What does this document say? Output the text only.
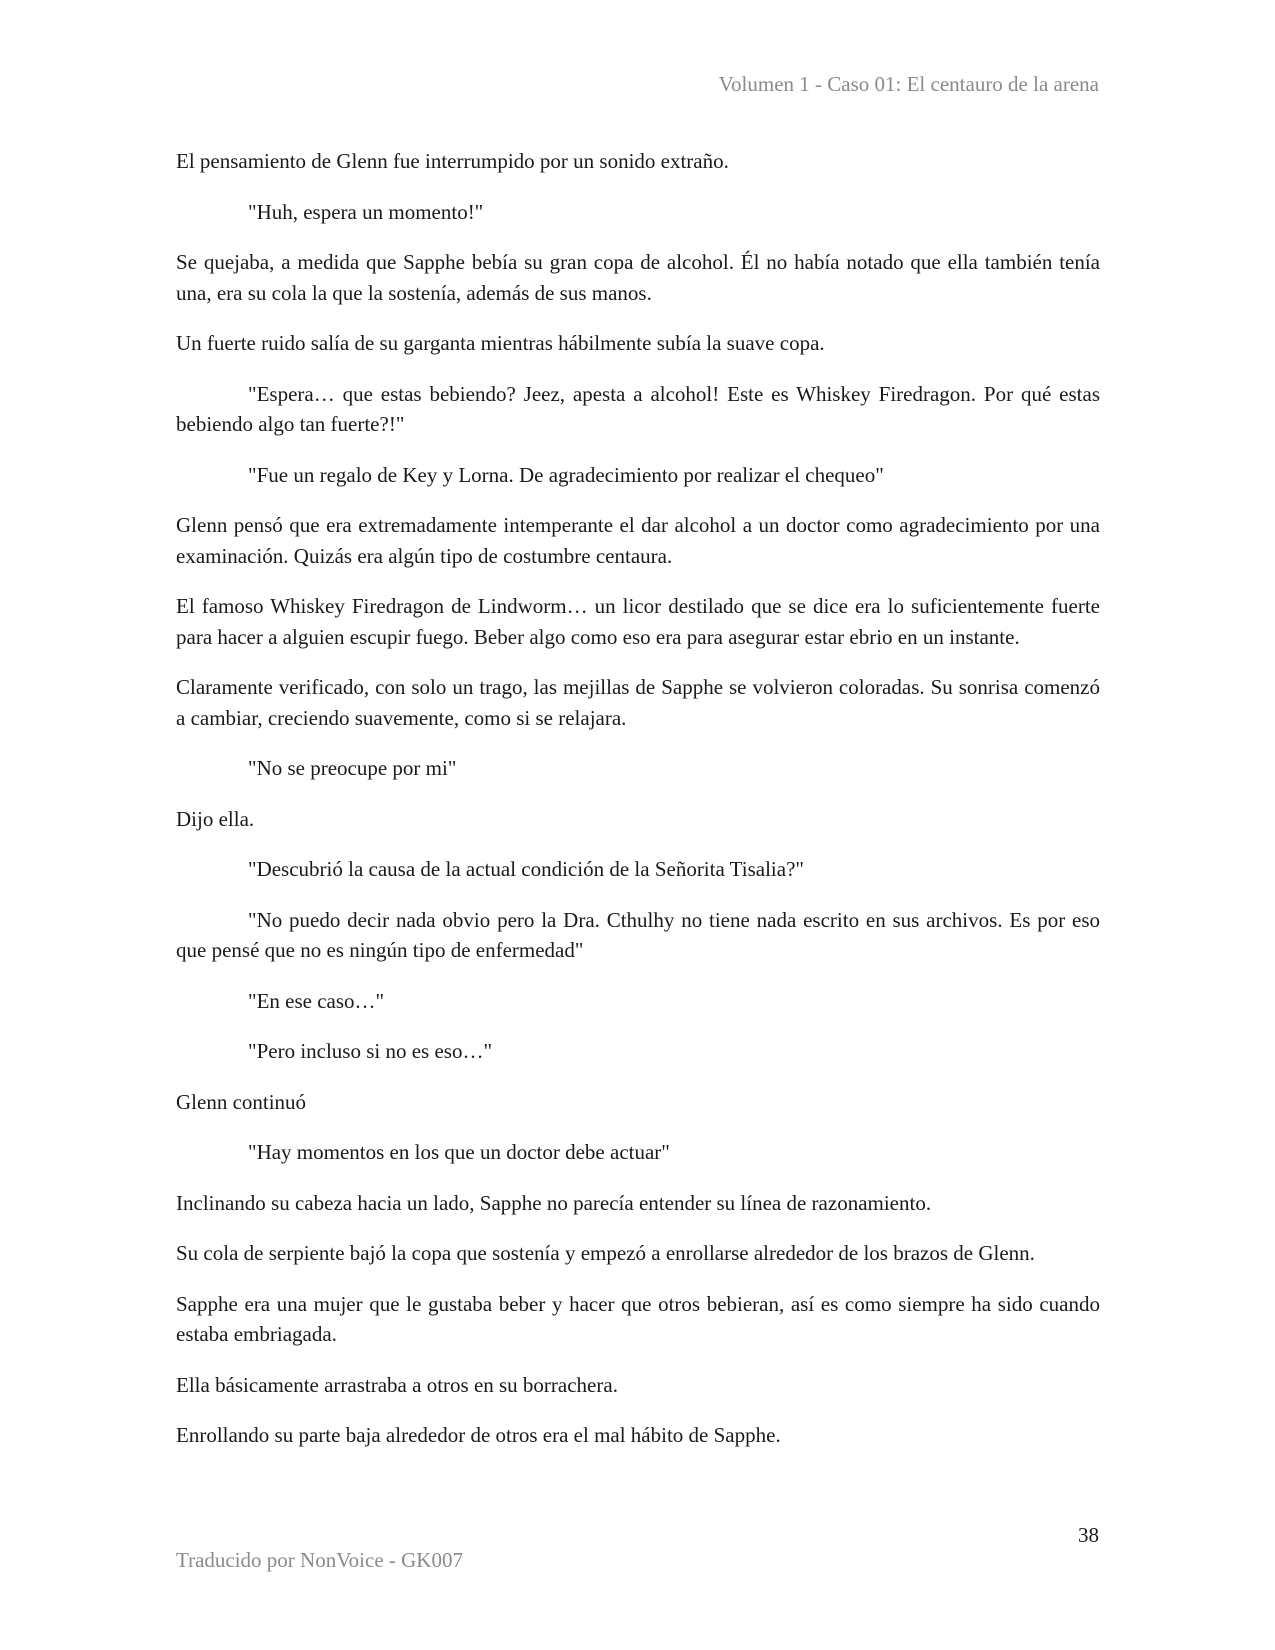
Volumen 1 - Caso 01: El centauro de la arena

El pensamiento de Glenn fue interrumpido por un sonido extraño.

"Huh, espera un momento!"

Se quejaba, a medida que Sapphe bebía su gran copa de alcohol. Él no había notado que ella también tenía una, era su cola la que la sostenía, además de sus manos.

Un fuerte ruido salía de su garganta mientras hábilmente subía la suave copa.

"Espera… que estas bebiendo? Jeez, apesta a alcohol! Este es Whiskey Firedragon. Por qué estas bebiendo algo tan fuerte?!"

"Fue un regalo de Key y Lorna. De agradecimiento por realizar el chequeo"

Glenn pensó que era extremadamente intemperante el dar alcohol a un doctor como agradecimiento por una examinación. Quizás era algún tipo de costumbre centaura.

El famoso Whiskey Firedragon de Lindworm… un licor destilado que se dice era lo suficientemente fuerte para hacer a alguien escupir fuego. Beber algo como eso era para asegurar estar ebrio en un instante.

Claramente verificado, con solo un trago, las mejillas de Sapphe se volvieron coloradas. Su sonrisa comenzó a cambiar, creciendo suavemente, como si se relajara.

"No se preocupe por mi"

Dijo ella.

"Descubrió la causa de la actual condición de la Señorita Tisalia?"

"No puedo decir nada obvio pero la Dra. Cthulhy no tiene nada escrito en sus archivos. Es por eso que pensé que no es ningún tipo de enfermedad"

"En ese caso…"

"Pero incluso si no es eso…"

Glenn continuó

"Hay momentos en los que un doctor debe actuar"

Inclinando su cabeza hacia un lado, Sapphe no parecía entender su línea de razonamiento.

Su cola de serpiente bajó la copa que sostenía y empezó a enrollarse alrededor de los brazos de Glenn.

Sapphe era una mujer que le gustaba beber y hacer que otros bebieran, así es como siempre ha sido cuando estaba embriagada.

Ella básicamente arrastraba a otros en su borrachera.

Enrollando su parte baja alrededor de otros era el mal hábito de Sapphe.

38
Traducido por NonVoice - GK007
